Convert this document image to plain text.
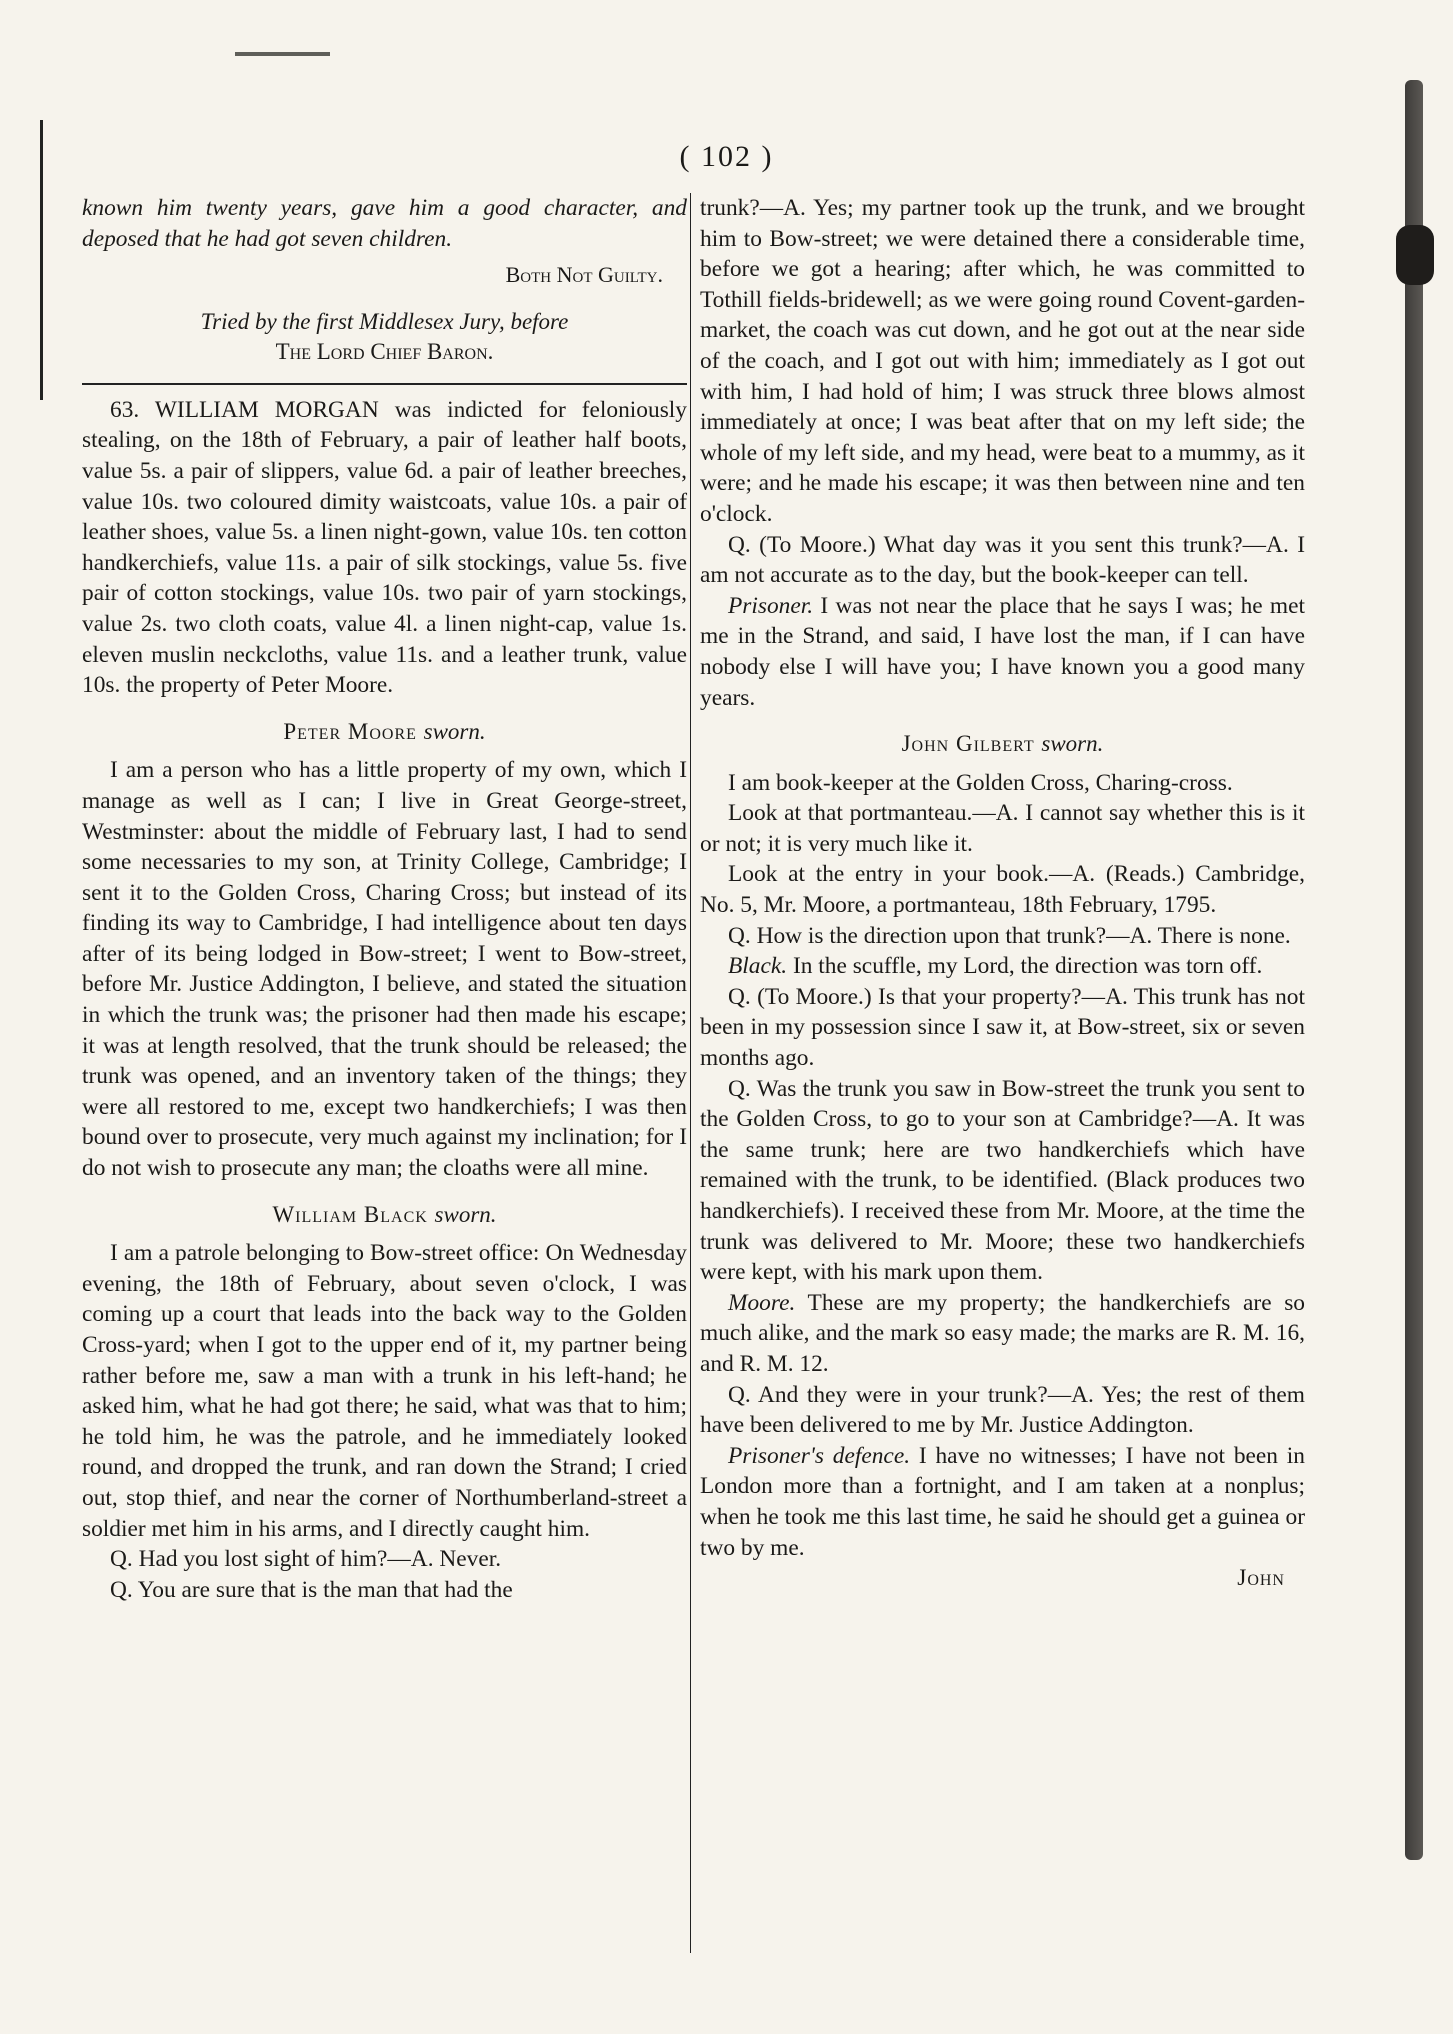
( 102 )

known him twenty years, gave him a good character, and deposed that he had got seven children.

Both Not Guilty.
Tried by the first Middlesex Jury, before
The Lord Chief Baron.

63. WILLIAM MORGAN was indicted for feloniously stealing, on the 18th of February, a pair of leather half boots, value 5s. a pair of slippers, value 6d. a pair of leather breeches, value 10s. two coloured dimity waistcoats, value 10s. a pair of leather shoes, value 5s. a linen night-gown, value 10s. ten cotton handkerchiefs, value 11s. a pair of silk stockings, value 5s. five pair of cotton stockings, value 10s. two pair of yarn stockings, value 2s. two cloth coats, value 4l. a linen night-cap, value 1s. eleven muslin neckcloths, value 11s. and a leather trunk, value 10s. the property of Peter Moore.

Peter Moore sworn.

I am a person who has a little property of my own, which I manage as well as I can; I live in Great George-street, Westminster: about the middle of February last, I had to send some necessaries to my son, at Trinity College, Cambridge; I sent it to the Golden Cross, Charing Cross; but instead of its finding its way to Cambridge, I had intelligence about ten days after of its being lodged in Bow-street; I went to Bow-street, before Mr. Justice Addington, I believe, and stated the situation in which the trunk was; the prisoner had then made his escape; it was at length resolved, that the trunk should be released; the trunk was opened, and an inventory taken of the things; they were all restored to me, except two handkerchiefs; I was then bound over to prosecute, very much against my inclination; for I do not wish to prosecute any man; the cloaths were all mine.

William Black sworn.

I am a patrole belonging to Bow-street office: On Wednesday evening, the 18th of February, about seven o'clock, I was coming up a court that leads into the back way to the Golden Cross-yard; when I got to the upper end of it, my partner being rather before me, saw a man with a trunk in his left-hand; he asked him, what he had got there; he said, what was that to him; he told him, he was the patrole, and he immediately looked round, and dropped the trunk, and ran down the Strand; I cried out, stop thief, and near the corner of Northumberland-street a soldier met him in his arms, and I directly caught him.

Q. Had you lost sight of him?—A. Never.

Q. You are sure that is the man that had the

trunk?—A. Yes; my partner took up the trunk, and we brought him to Bow-street; we were detained there a considerable time, before we got a hearing; after which, he was committed to Tothill fields-bridewell; as we were going round Covent-garden-market, the coach was cut down, and he got out at the near side of the coach, and I got out with him; immediately as I got out with him, I had hold of him; I was struck three blows almost immediately at once; I was beat after that on my left side; the whole of my left side, and my head, were beat to a mummy, as it were; and he made his escape; it was then between nine and ten o'clock.

Q. (To Moore.) What day was it you sent this trunk?—A. I am not accurate as to the day, but the book-keeper can tell.

Prisoner. I was not near the place that he says I was; he met me in the Strand, and said, I have lost the man, if I can have nobody else I will have you; I have known you a good many years.

John Gilbert sworn.

I am book-keeper at the Golden Cross, Charing-cross.

Look at that portmanteau.—A. I cannot say whether this is it or not; it is very much like it.

Look at the entry in your book.—A. (Reads.) Cambridge, No. 5, Mr. Moore, a portmanteau, 18th February, 1795.

Q. How is the direction upon that trunk?—A. There is none.

Black. In the scuffle, my Lord, the direction was torn off.

Q. (To Moore.) Is that your property?—A. This trunk has not been in my possession since I saw it, at Bow-street, six or seven months ago.

Q. Was the trunk you saw in Bow-street the trunk you sent to the Golden Cross, to go to your son at Cambridge?—A. It was the same trunk; here are two handkerchiefs which have remained with the trunk, to be identified. (Black produces two handkerchiefs). I received these from Mr. Moore, at the time the trunk was delivered to Mr. Moore; these two handkerchiefs were kept, with his mark upon them.

Moore. These are my property; the handkerchiefs are so much alike, and the mark so easy made; the marks are R. M. 16, and R. M. 12.

Q. And they were in your trunk?—A. Yes; the rest of them have been delivered to me by Mr. Justice Addington.

Prisoner's defence. I have no witnesses; I have not been in London more than a fortnight, and I am taken at a nonplus; when he took me this last time, he said he should get a guinea or two by me.

John
